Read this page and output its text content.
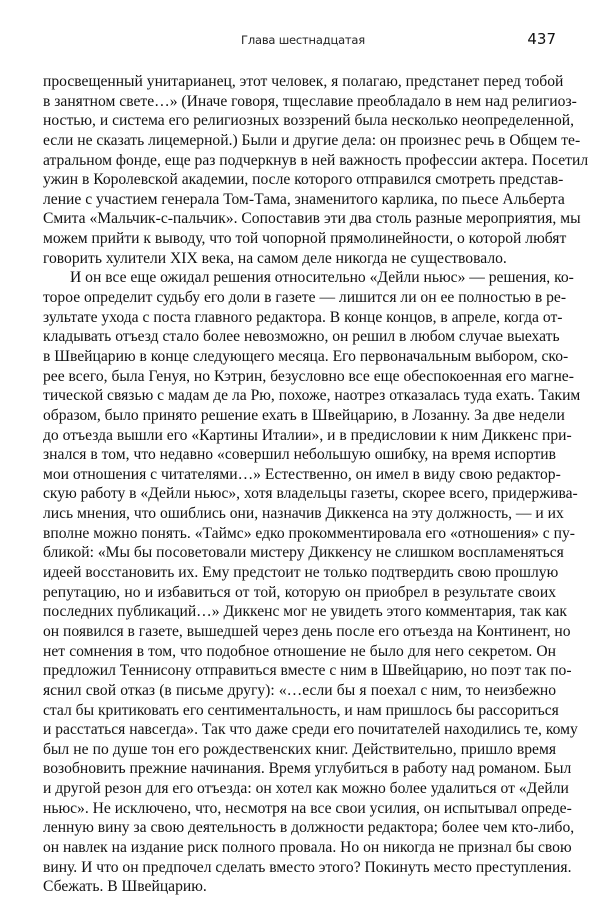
Глава шестнадцатая	437
просвещенный унитарианец, этот человек, я полагаю, предстанет перед тобой
в занятном свете…» (Иначе говоря, тщеславие преобладало в нем над религиоз-
ностью, и система его религиозных воззрений была несколько неопределенной,
если не сказать лицемерной.) Были и другие дела: он произнес речь в Общем те-
атральном фонде, еще раз подчеркнув в ней важность профессии актера. Посетил
ужин в Королевской академии, после которого отправился смотреть представ-
ление с участием генерала Том-Тама, знаменитого карлика, по пьесе Альберта
Смита «Мальчик-с-пальчик». Сопоставив эти два столь разные мероприятия, мы
можем прийти к выводу, что той чопорной прямолинейности, о которой любят
говорить хулители XIX века, на самом деле никогда не существовало.
И он все еще ожидал решения относительно «Дейли ньюс» — решения, ко-
торое определит судьбу его доли в газете — лишится ли он ее полностью в ре-
зультате ухода с поста главного редактора. В конце концов, в апреле, когда от-
кладывать отъезд стало более невозможно, он решил в любом случае выехать
в Швейцарию в конце следующего месяца. Его первоначальным выбором, ско-
рее всего, была Генуя, но Кэтрин, безусловно все еще обеспокоенная его магне-
тической связью с мадам де ла Рю, похоже, наотрез отказалась туда ехать. Таким
образом, было принято решение ехать в Швейцарию, в Лозанну. За две недели
до отъезда вышли его «Картины Италии», и в предисловии к ним Диккенс при-
знался в том, что недавно «совершил небольшую ошибку, на время испортив
мои отношения с читателями…» Естественно, он имел в виду свою редактор-
скую работу в «Дейли ньюс», хотя владельцы газеты, скорее всего, придержива-
лись мнения, что ошиблись они, назначив Диккенса на эту должность, — и их
вполне можно понять. «Таймс» едко прокомментировала его «отношения» с пу-
бликой: «Мы бы посоветовали мистеру Диккенсу не слишком воспламеняться
идеей восстановить их. Ему предстоит не только подтвердить свою прошлую
репутацию, но и избавиться от той, которую он приобрел в результате своих
последних публикаций…» Диккенс мог не увидеть этого комментария, так как
он появился в газете, вышедшей через день после его отъезда на Континент, но
нет сомнения в том, что подобное отношение не было для него секретом. Он
предложил Теннисону отправиться вместе с ним в Швейцарию, но поэт так по-
яснил свой отказ (в письме другу): «…если бы я поехал с ним, то неизбежно
стал бы критиковать его сентиментальность, и нам пришлось бы рассориться
и расстаться навсегда». Так что даже среди его почитателей находились те, кому
был не по душе тон его рождественских книг. Действительно, пришло время
возобновить прежние начинания. Время углубиться в работу над романом. Был
и другой резон для его отъезда: он хотел как можно более удалиться от «Дейли
ньюс». Не исключено, что, несмотря на все свои усилия, он испытывал опреде-
ленную вину за свою деятельность в должности редактора; более чем кто-либо,
он навлек на издание риск полного провала. Но он никогда не признал бы свою
вину. И что он предпочел сделать вместо этого? Покинуть место преступления.
Сбежать. В Швейцарию.
